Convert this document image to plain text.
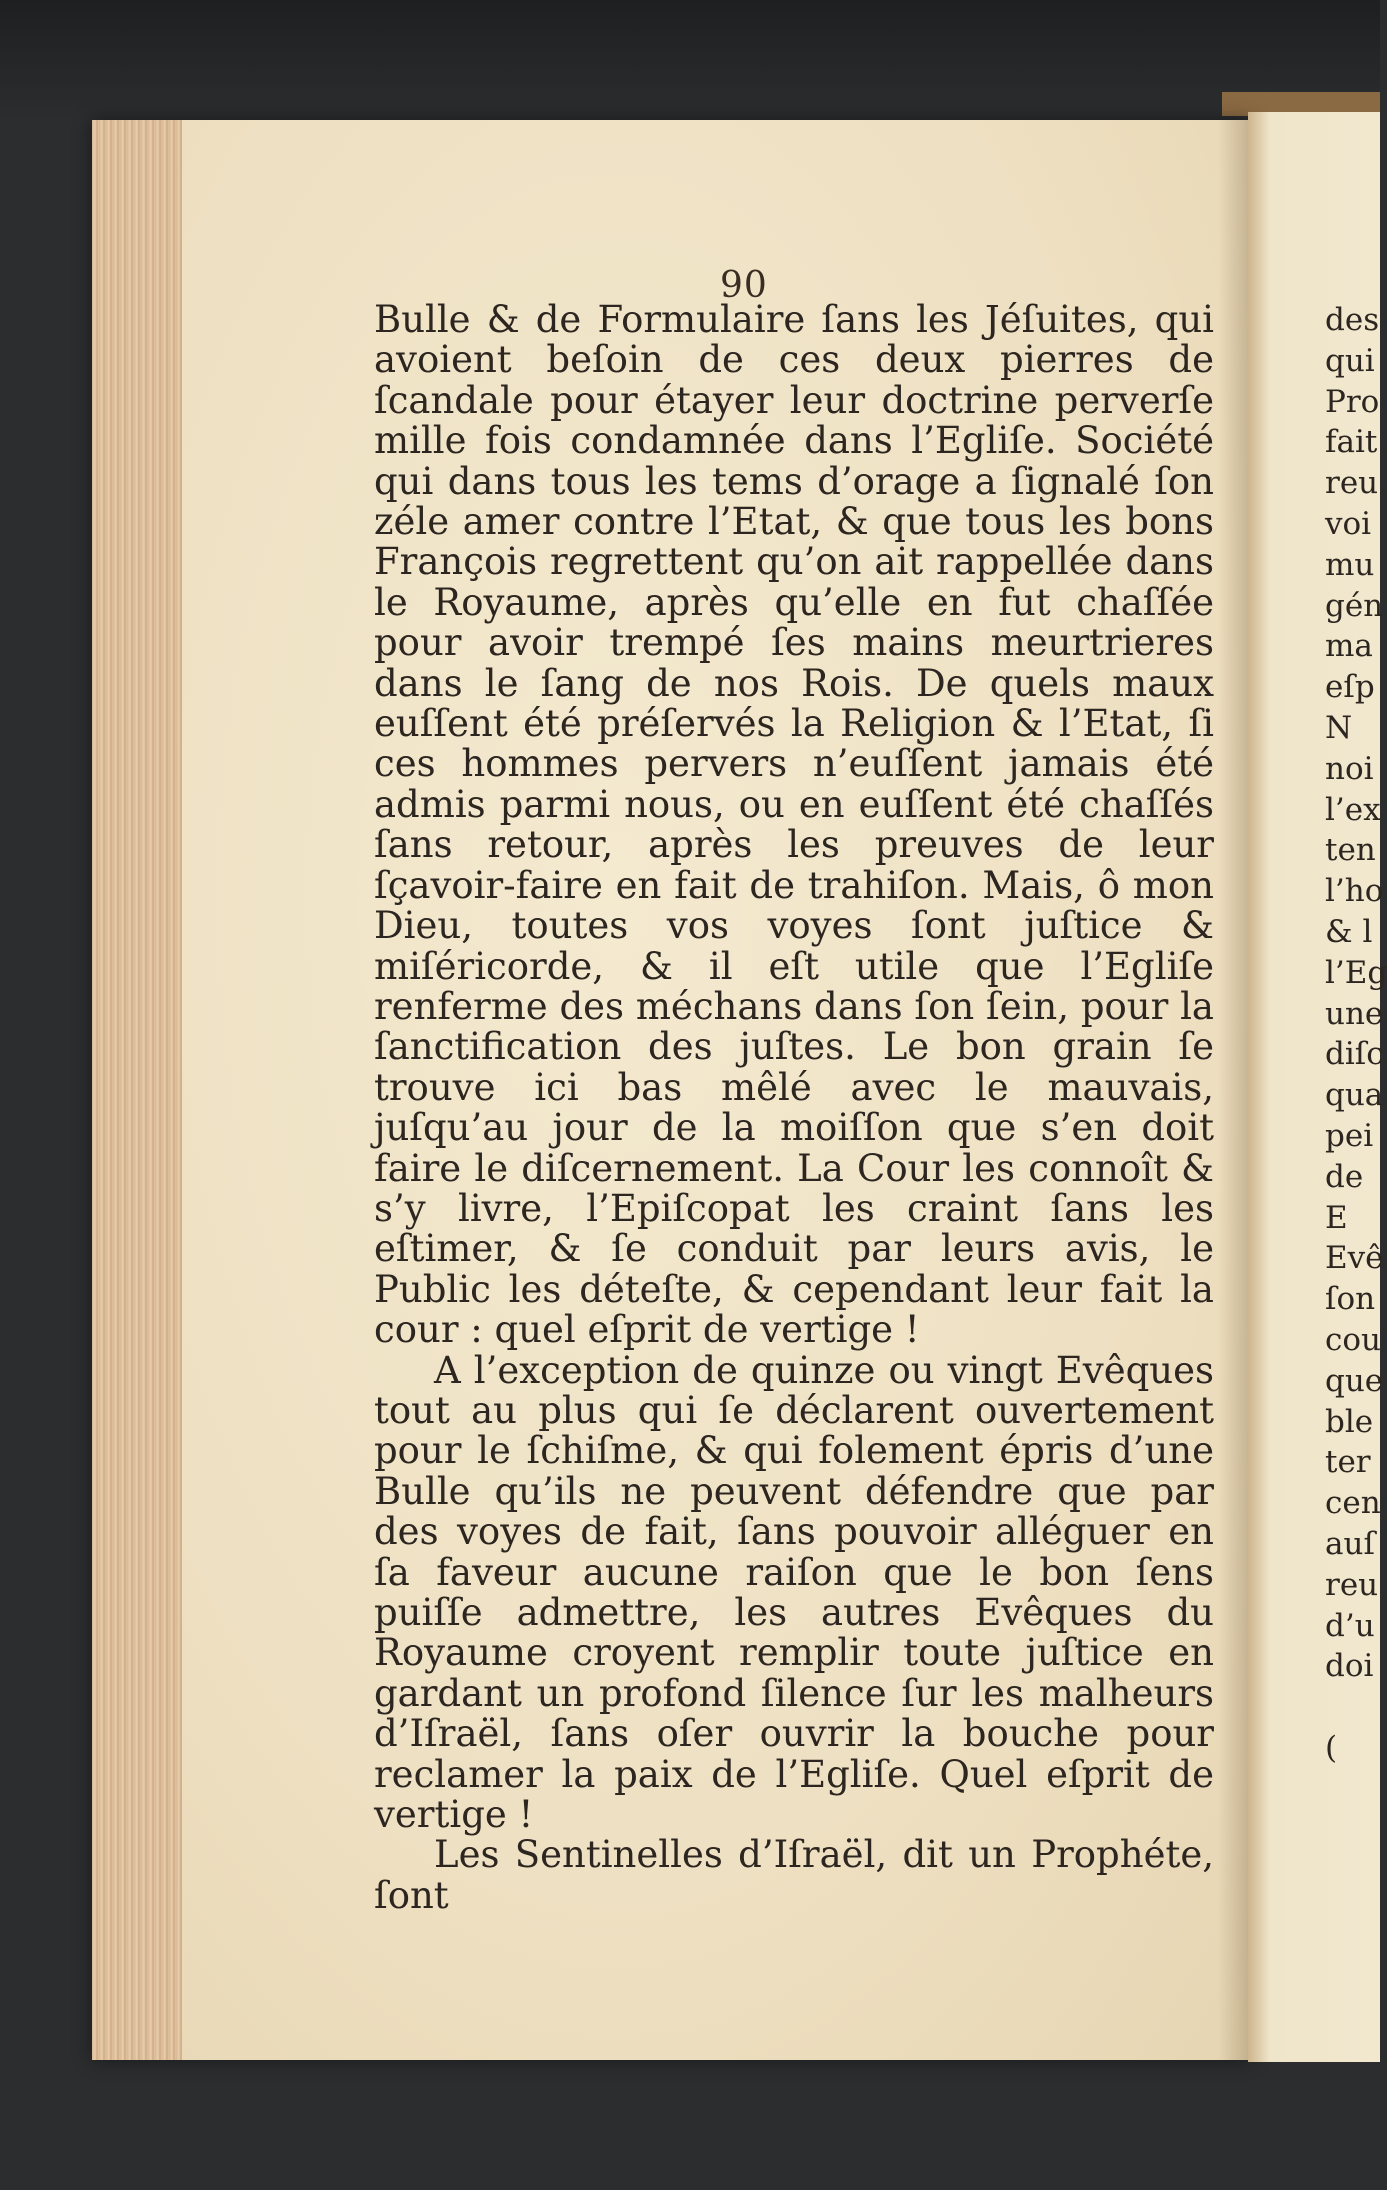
90

Bulle & de Formulaire ſans les Jéſuites, qui avoient beſoin de ces deux pierres de ſcandale pour étayer leur doctrine perverſe mille fois condamnée dans l’Egliſe. Société qui dans tous les tems d’orage a ſignalé ſon zéle amer contre l’Etat, & que tous les bons François regrettent qu’on ait rappellée dans le Royaume, après qu’elle en fut chaſſée pour avoir trempé ſes mains meurtrieres dans le ſang de nos Rois. De quels maux euſſent été préſervés la Religion & l’Etat, ſi ces hommes pervers n’euſſent jamais été admis parmi nous, ou en euſſent été chaſſés ſans retour, après les preuves de leur ſçavoir-faire en fait de trahiſon. Mais, ô mon Dieu, toutes vos voyes ſont juſtice & miſéricorde, & il eſt utile que l’Egliſe renferme des méchans dans ſon ſein, pour la ſanctification des juſtes. Le bon grain ſe trouve ici bas mêlé avec le mauvais, juſqu’au jour de la moiſſon que s’en doit faire le diſcernement. La Cour les connoît & s’y livre, l’Epiſcopat les craint ſans les eſtimer, & ſe conduit par leurs avis, le Public les déteſte, & cependant leur fait la cour : quel eſprit de vertige !

A l’exception de quinze ou vingt Evêques tout au plus qui ſe déclarent ouvertement pour le ſchiſme, & qui folement épris d’une Bulle qu’ils ne peuvent défendre que par des voyes de fait, ſans pouvoir alléguer en ſa faveur aucune raiſon que le bon ſens puiſſe admettre, les autres Evêques du Royaume croyent remplir toute juſtice en gardant un profond ſilence ſur les malheurs d’Iſraël, ſans oſer ouvrir la bouche pour reclamer la paix de l’Egliſe. Quel eſprit de vertige !

Les Sentinelles d’Iſraël, dit un Prophéte, ſont

des
qui
Pro
fait
reu
voi
mu
gén
ma
eſp
N
noi
l’ex
ten
l’ho
& l
l’Eg
une
diſc
qua
pei
de
E
Evê
ſon
cou
que
ble
ter
cen
auſ
reu
d’u
doi
(
